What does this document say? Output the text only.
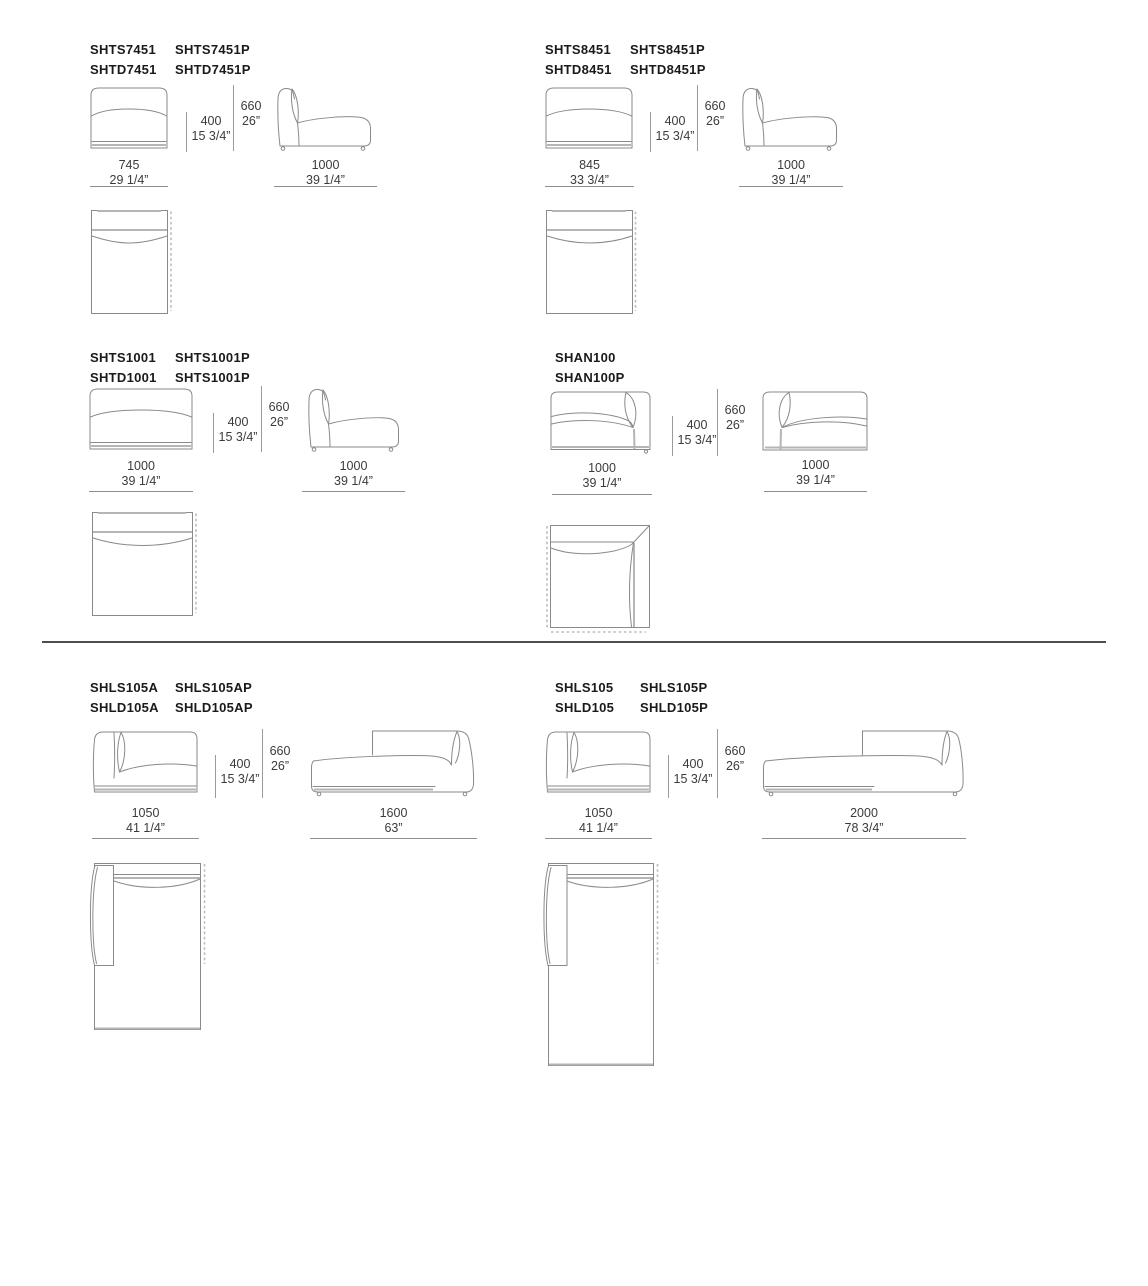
SHTS7451	SHTS7451P
SHTD7451	SHTD7451P
400
15 3/4”
660
26”
745
29 1/4”
1000
39 1/4”
SHTS8451	SHTS8451P
SHTD8451	SHTD8451P
400
15 3/4”
660
26”
845
33 3/4”
1000
39 1/4”
SHTS1001	SHTS1001P
SHTD1001	SHTS1001P
400
15 3/4”
660
26”
1000
39 1/4”
1000
39 1/4”
SHAN100
SHAN100P
400
15 3/4”
660
26”
1000
39 1/4”
1000
39 1/4”
SHLS105A	SHLS105AP
SHLD105A	SHLD105AP
400
15 3/4”
660
26”
1050
41 1/4”
1600
63”
SHLS105	SHLS105P
SHLD105	SHLD105P
400
15 3/4”
660
26”
1050
41 1/4”
2000
78 3/4”
